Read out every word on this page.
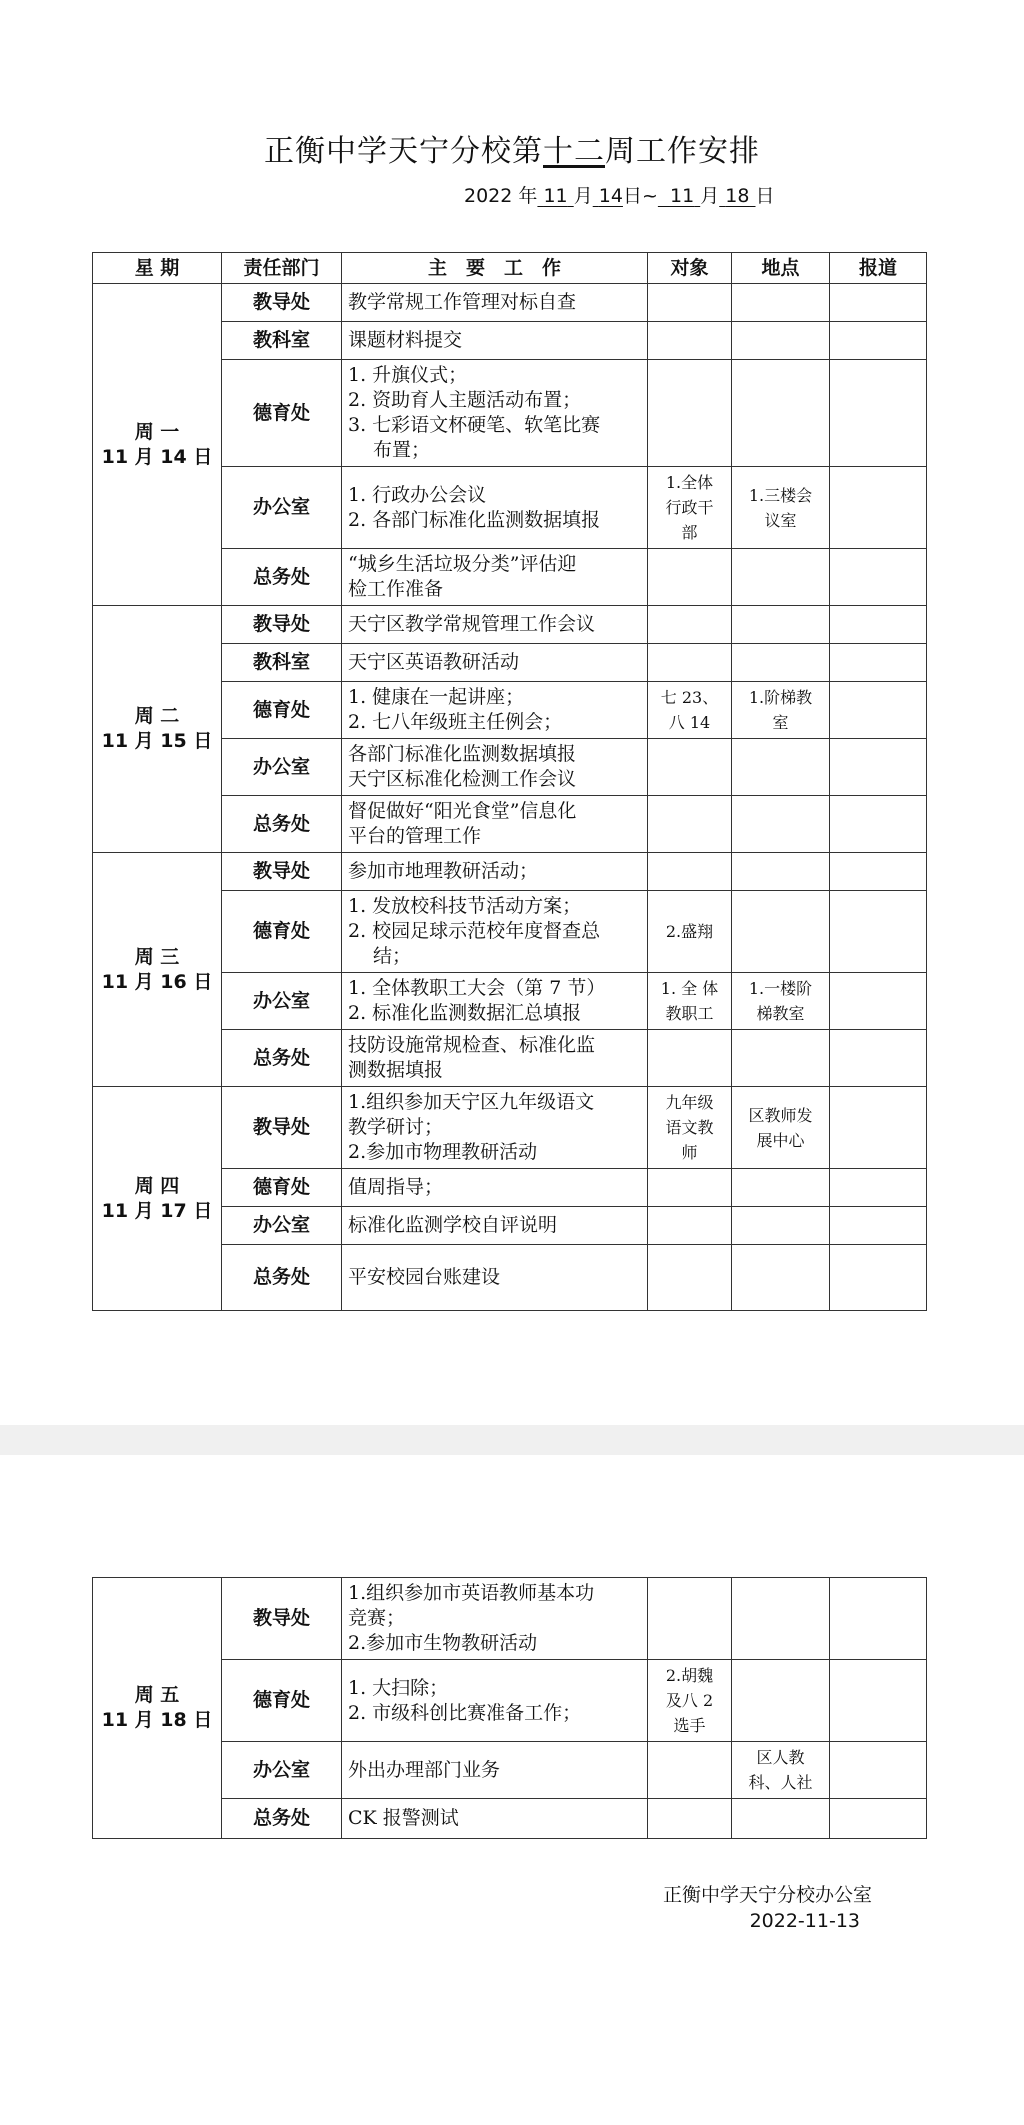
正衡中学天宁分校第十二周工作安排
2022 年 11 月 14日~ 11 月 18 日
星 期	责任部门	主　要　工　作	对象	地点	报道

周 一
11 月 14 日	教导处	教学常规工作管理对标自查			

	教科室	课题材料提交			

	德育处	1. 升旗仪式；
2. 资助育人主题活动布置；
3. 七彩语文杯硬笔、软笔比赛
　 布置；			

	办公室	1. 行政办公会议
2. 各部门标准化监测数据填报	1.全体
行政干
部	1.三楼会
议室	

	总务处	“城乡生活垃圾分类”评估迎
检工作准备			

周 二
11 月 15 日	教导处	天宁区教学常规管理工作会议			

	教科室	天宁区英语教研活动			

	德育处	1. 健康在一起讲座；
2. 七八年级班主任例会；	七 23、
八 14	1.阶梯教
室	

	办公室	各部门标准化监测数据填报
天宁区标准化检测工作会议			

	总务处	督促做好“阳光食堂”信息化
平台的管理工作			

周 三
11 月 16 日	教导处	参加市地理教研活动；			

	德育处	1. 发放校科技节活动方案；
2. 校园足球示范校年度督查总
　 结；	2.盛翔		

	办公室	1. 全体教职工大会（第 7 节）
2. 标准化监测数据汇总填报	1. 全 体
教职工	1.一楼阶
梯教室	

	总务处	技防设施常规检查、标准化监
测数据填报			

周 四
11 月 17 日	教导处	1.组织参加天宁区九年级语文
教学研讨；
2.参加市物理教研活动	九年级
语文教
师	区教师发
展中心	

	德育处	值周指导；			

	办公室	标准化监测学校自评说明			

	总务处	平安校园台账建设			

周 五
11 月 18 日	教导处	1.组织参加市英语教师基本功
竞赛；
2.参加市生物教研活动			

	德育处	1. 大扫除；
2. 市级科创比赛准备工作；	2.胡魏
及八 2
选手		

	办公室	外出办理部门业务		区人教
科、人社	

	总务处	CK 报警测试			

正衡中学天宁分校办公室
2022-11-13
